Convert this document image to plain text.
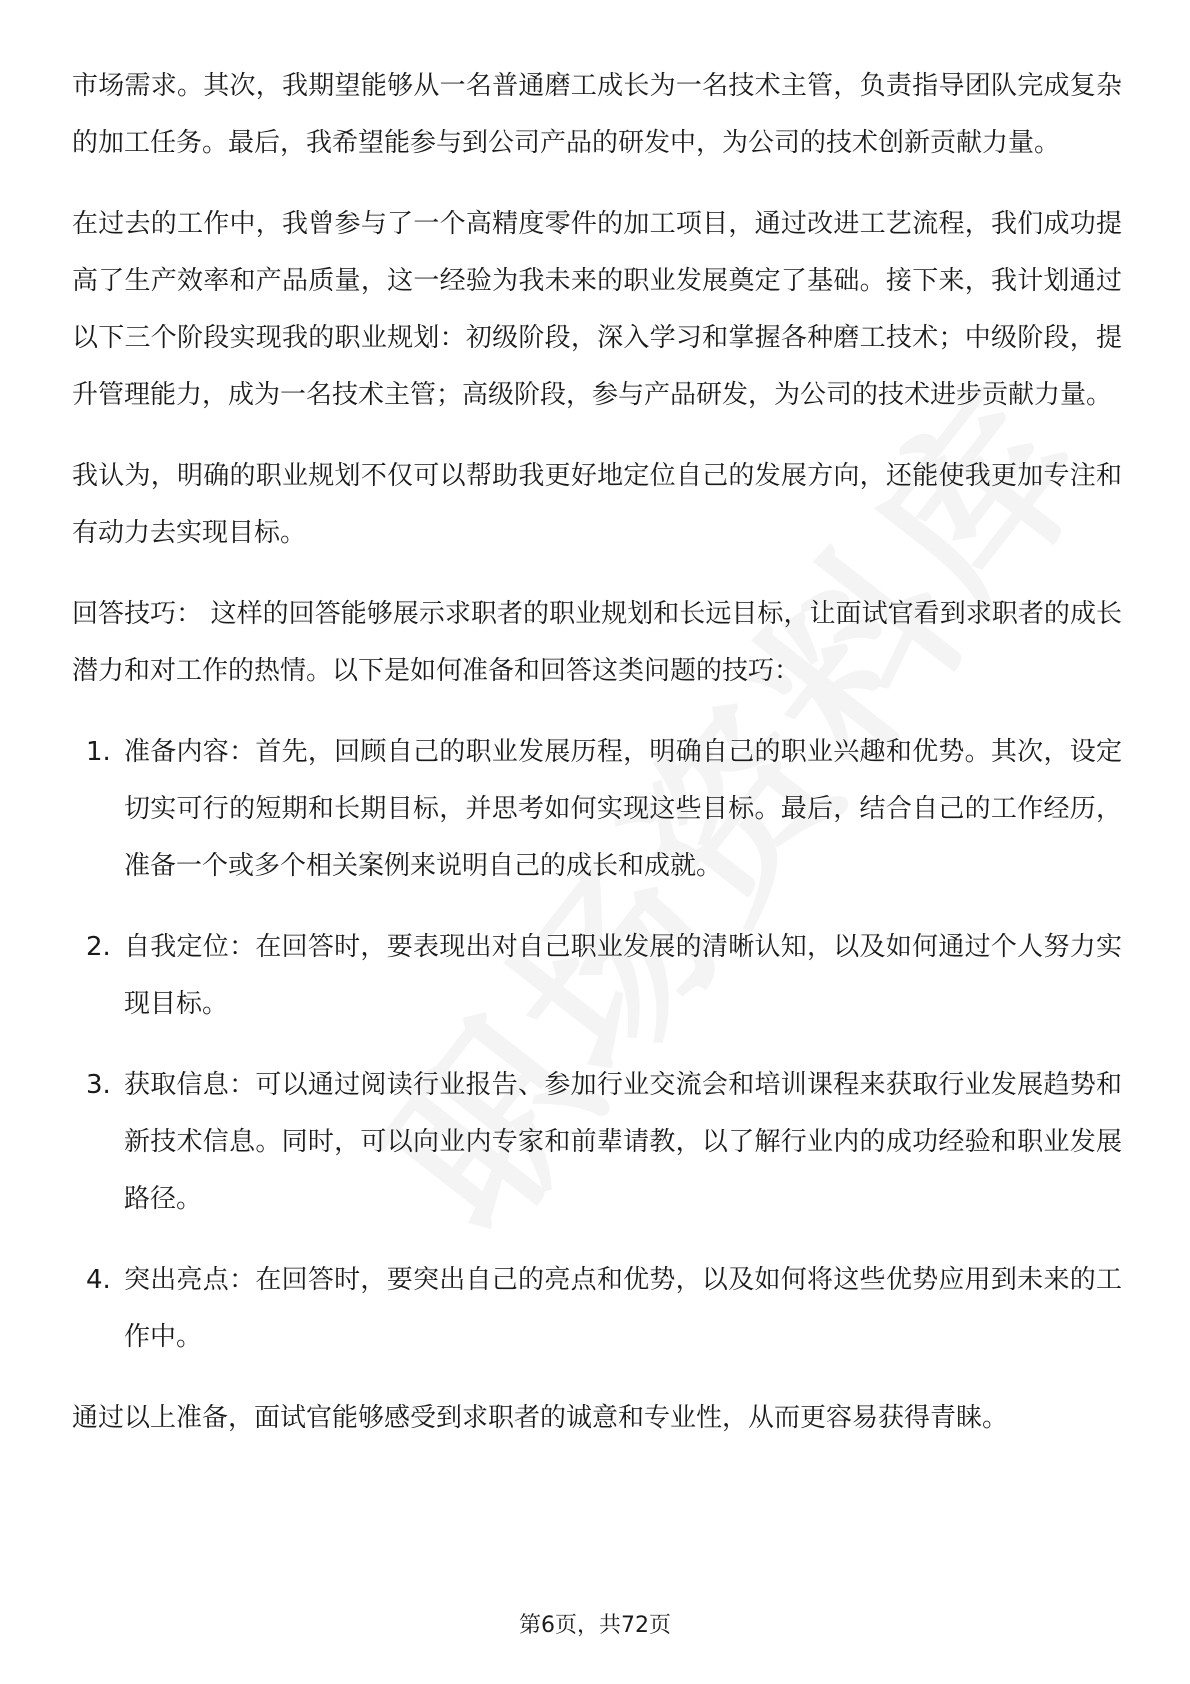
市场需求。其次，我期望能够从一名普通磨工成长为一名技术主管，负责指导团队完成复杂的加工任务。最后，我希望能参与到公司产品的研发中，为公司的技术创新贡献力量。

在过去的工作中，我曾参与了一个高精度零件的加工项目，通过改进工艺流程，我们成功提高了生产效率和产品质量，这一经验为我未来的职业发展奠定了基础。接下来，我计划通过以下三个阶段实现我的职业规划：初级阶段，深入学习和掌握各种磨工技术；中级阶段，提升管理能力，成为一名技术主管；高级阶段，参与产品研发，为公司的技术进步贡献力量。

我认为，明确的职业规划不仅可以帮助我更好地定位自己的发展方向，还能使我更加专注和有动力去实现目标。

回答技巧： 这样的回答能够展示求职者的职业规划和长远目标，让面试官看到求职者的成长潜力和对工作的热情。以下是如何准备和回答这类问题的技巧：

1. 准备内容：首先，回顾自己的职业发展历程，明确自己的职业兴趣和优势。其次，设定切实可行的短期和长期目标，并思考如何实现这些目标。最后，结合自己的工作经历，准备一个或多个相关案例来说明自己的成长和成就。
2. 自我定位：在回答时，要表现出对自己职业发展的清晰认知，以及如何通过个人努力实现目标。
3. 获取信息：可以通过阅读行业报告、参加行业交流会和培训课程来获取行业发展趋势和新技术信息。同时，可以向业内专家和前辈请教，以了解行业内的成功经验和职业发展路径。
4. 突出亮点：在回答时，要突出自己的亮点和优势，以及如何将这些优势应用到未来的工作中。

通过以上准备，面试官能够感受到求职者的诚意和专业性，从而更容易获得青睐。

第6页，共72页
